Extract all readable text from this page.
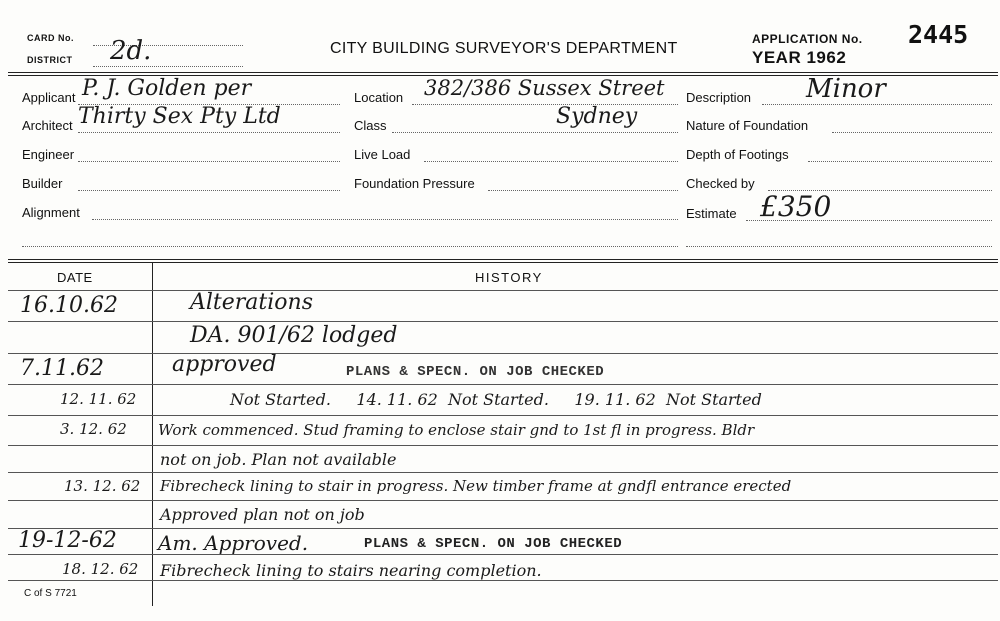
CARD No.
DISTRICT 2d.	CITY BUILDING SURVEYOR'S DEPARTMENT
APPLICATION No. 2445
YEAR 1962
Applicant P. J. Golden per
Architect Thirty Sex Pty Ltd
Engineer
Builder
Alignment
Location 382/386 Sussex Street
Class	Sydney
Live Load
Foundation Pressure
Description Minor
Nature of Foundation
Depth of Footings
Checked by
Estimate £350
DATE	HISTORY
16.10.62	Alterations
DA. 901/62 lodged
7.11.62	approved	PLANS & SPECN. ON JOB CHECKED
12. 11. 62	Not Started.     14. 11. 62  Not Started.     19. 11. 62  Not Started
3. 12. 62 Work commenced. Stud framing to enclose stair gnd to 1st fl in progress. Bldr
not on job. Plan not available
13. 12. 62 Fibrecheck lining to stair in progress. New timber frame at gndfl entrance erected
Approved plan not on job
19-12-62 Am. Approved.	PLANS & SPECN. ON JOB CHECKED
18. 12. 62 Fibrecheck lining to stairs nearing completion.
C of S 7721
